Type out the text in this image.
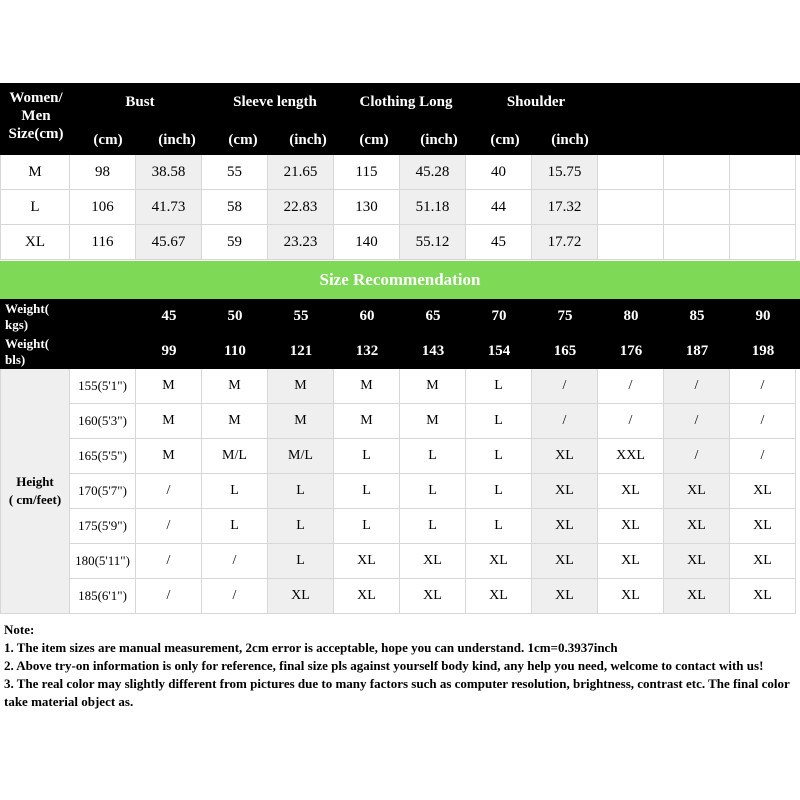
Women/
Men
Size(cm)
Bust	Sleeve length	Clothing Long	Shoulder
(cm)	(inch)	(cm)	(inch)	(cm)	(inch)	(cm)	(inch)
M	98	38.58	55	21.65	115	45.28	40	15.75
L	106	41.73	58	22.83	130	51.18	44	17.32
XL	116	45.67	59	23.23	140	55.12	45	17.72
Size Recommendation
Weight( kgs)	45	50	55	60	65	70	75	80	85	90
Weight( bls)	99	110	121	132	143	154	165	176	187	198
Height
( cm/feet)
155(5'1")	M	M	M	M	M	L	/	/	/	/
160(5'3")	M	M	M	M	M	L	/	/	/	/
165(5'5")	M	M/L	M/L	L	L	L	XL	XXL	/	/
170(5'7")	/	L	L	L	L	L	XL	XL	XL	XL
175(5'9")	/	L	L	L	L	L	XL	XL	XL	XL
180(5'11")	/	/	L	XL	XL	XL	XL	XL	XL	XL
185(6'1")	/	/	XL	XL	XL	XL	XL	XL	XL	XL
Note:
1. The item sizes are manual measurement, 2cm error is acceptable, hope you can understand. 1cm=0.3937inch
2. Above try-on information is only for reference, final size pls against yourself body kind, any help you need, welcome to contact with us!
3. The real color may slightly different from pictures due to many factors such as computer resolution, brightness, contrast etc. The final color take material object as.
